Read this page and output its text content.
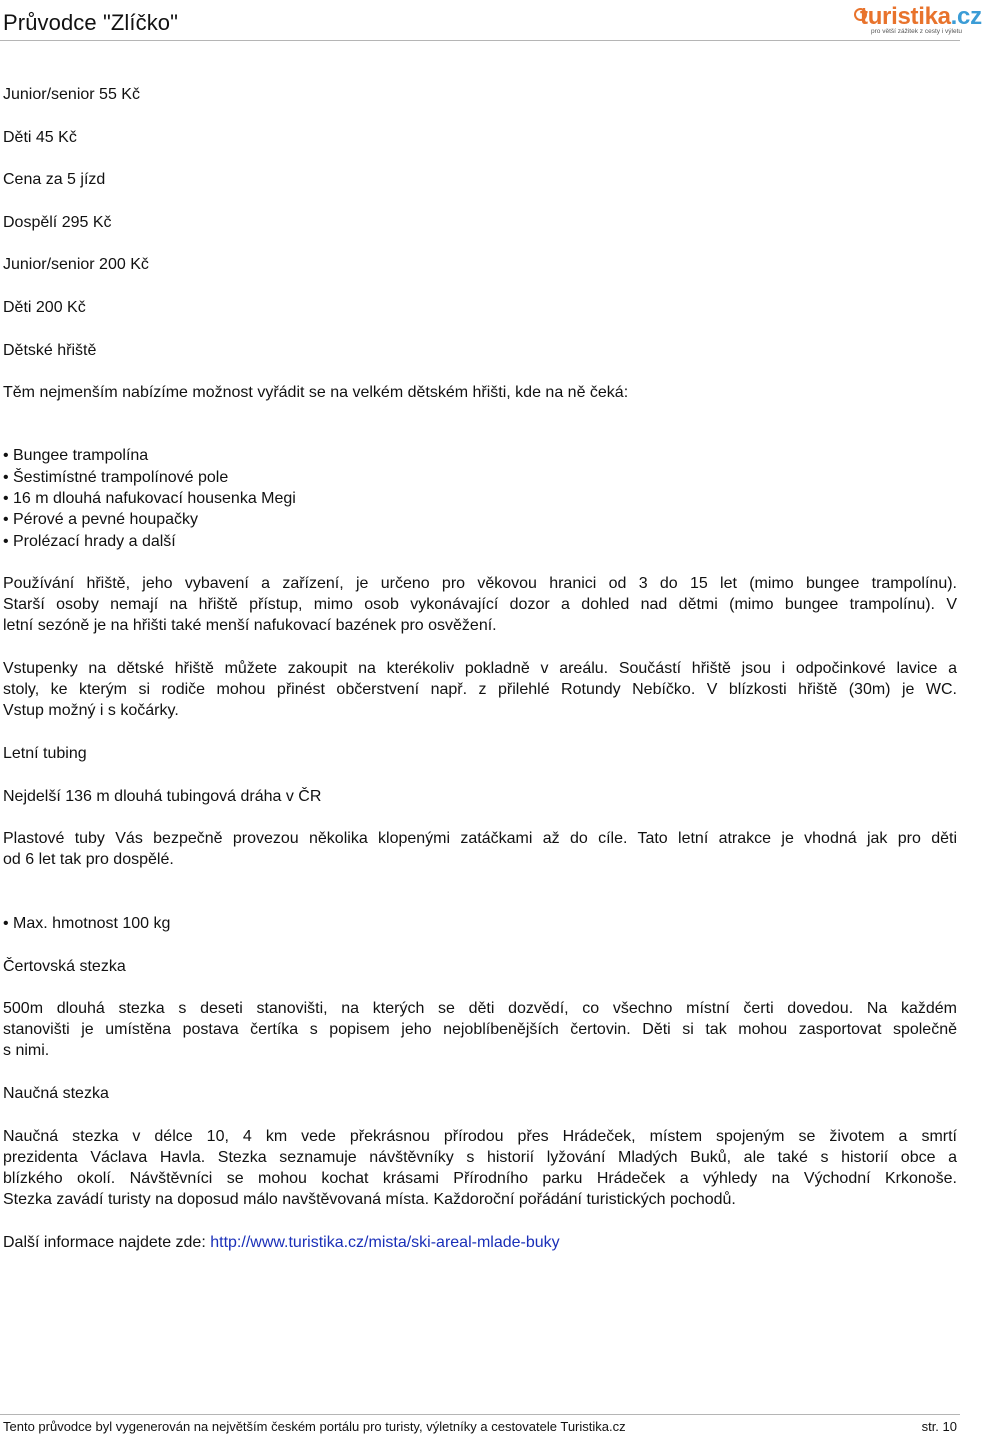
Průvodce "Zlíčko"	turistika.cz
pro větší zážitek z cesty i výletu
Junior/senior 55 Kč
Děti 45 Kč
Cena za 5 jízd
Dospělí 295 Kč
Junior/senior 200 Kč
Děti 200 Kč
Dětské hřiště
Těm nejmenším nabízíme možnost vyřádit se na velkém dětském hřišti, kde na ně čeká:
• Bungee trampolína
• Šestimístné trampolínové pole
• 16 m dlouhá nafukovací housenka Megi
• Pérové a pevné houpačky
• Prolézací hrady a další
Používání hřiště, jeho vybavení a zařízení, je určeno pro věkovou hranici od 3 do 15 let (mimo bungee trampolínu).
Starší osoby nemají na hřiště přístup, mimo osob vykonávající dozor a dohled nad dětmi (mimo bungee trampolínu). V
letní sezóně je na hřišti také menší nafukovací bazének pro osvěžení.
Vstupenky na dětské hřiště můžete zakoupit na kterékoliv pokladně v areálu. Součástí hřiště jsou i odpočinkové lavice a
stoly, ke kterým si rodiče mohou přinést občerstvení např. z přilehlé Rotundy Nebíčko. V blízkosti hřiště (30m) je WC.
Vstup možný i s kočárky.
Letní tubing
Nejdelší 136 m dlouhá tubingová dráha v ČR
Plastové tuby Vás bezpečně provezou několika klopenými zatáčkami až do cíle. Tato letní atrakce je vhodná jak pro děti
od 6 let tak pro dospělé.
• Max. hmotnost 100 kg
Čertovská stezka
500m dlouhá stezka s deseti stanovišti, na kterých se děti dozvědí, co všechno místní čerti dovedou. Na každém
stanovišti je umístěna postava čertíka s popisem jeho nejoblíbenějších čertovin. Děti si tak mohou zasportovat společně
s nimi.
Naučná stezka
Naučná stezka v délce 10, 4 km vede překrásnou přírodou přes Hrádeček, místem spojeným se životem a smrtí
prezidenta Václava Havla. Stezka seznamuje návštěvníky s historií lyžování Mladých Buků, ale také s historií obce a
blízkého okolí. Návštěvníci se mohou kochat krásami Přírodního parku Hrádeček a výhledy na Východní Krkonoše.
Stezka zavádí turisty na doposud málo navštěvovaná místa. Každoroční pořádání turistických pochodů.
Další informace najdete zde: http://www.turistika.cz/mista/ski-areal-mlade-buky
Tento průvodce byl vygenerován na největším českém portálu pro turisty, výletníky a cestovatele Turistika.cz	str. 10
